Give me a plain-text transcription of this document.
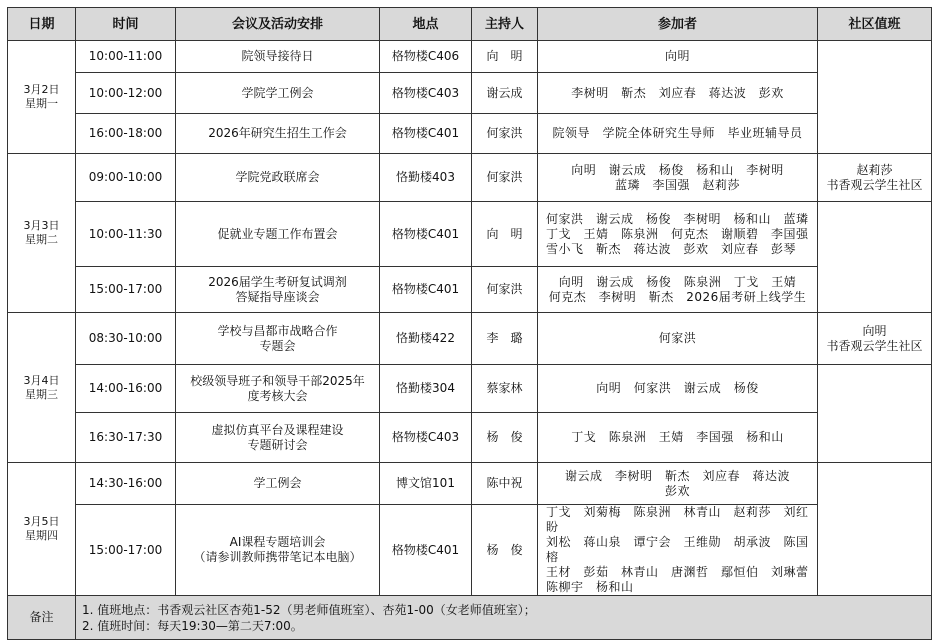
日期	时间	会议及活动安排	地点	主持人	参加者	社区值班

3月2日
星期一	10:00-11:00	院领导接待日	格物楼C406	向　明	向明	

	10:00-12:00	学院学工例会	格物楼C403	谢云成	李树明　靳杰　刘应春　蒋达波　彭欢	

	16:00-18:00	2026年研究生招生工作会	格物楼C401	何家洪	院领导　学院全体研究生导师　毕业班辅导员	

3月3日
星期二	09:00-10:00	学院党政联席会	恪勤楼403	何家洪	向明　谢云成　杨俊　杨和山　李树明
蓝璘　李国强　赵莉莎	赵莉莎
书香观云学生社区

	10:00-11:30	促就业专题工作布置会	格物楼C401	向　明	何家洪　谢云成　杨俊　李树明　杨和山　蓝璘
丁戈　王婧　陈泉洲　何克杰　谢顺碧　李国强
雪小飞　靳杰　蒋达波　彭欢　刘应春　彭琴	

	15:00-17:00	2026届学生考研复试调剂
答疑指导座谈会	格物楼C401	何家洪	向明　谢云成　杨俊　陈泉洲　丁戈　王婧
何克杰　李树明　靳杰　2026届考研上线学生	

3月4日
星期三	08:30-10:00	学校与昌都市战略合作
专题会	恪勤楼422	李　璐	何家洪	向明
书香观云学生社区

	14:00-16:00	校级领导班子和领导干部2025年
度考核大会	恪勤楼304	蔡家林	向明　何家洪　谢云成　杨俊	

	16:30-17:30	虚拟仿真平台及课程建设
专题研讨会	格物楼C403	杨　俊	丁戈　陈泉洲　王婧　李国强　杨和山	

3月5日
星期四	14:30-16:00	学工例会	博文馆101	陈中祝	谢云成　李树明　靳杰　刘应春　蒋达波
彭欢	

	15:00-17:00	AI课程专题培训会
（请参训教师携带笔记本电脑）	格物楼C401	杨　俊	丁戈　刘菊梅　陈泉洲　林青山　赵莉莎　刘红盼
刘松　蒋山泉　谭宁会　王维勋　胡承波　陈国榕
王材　彭茹　林青山　唐渊哲　鄢恒伯　刘琳蕾
陈柳宇　杨和山	

备注	1. 值班地点：书香观云社区杏苑1-52（男老师值班室）、杏苑1-00（女老师值班室）；
2. 值班时间：每天19:30—第二天7:00。					
